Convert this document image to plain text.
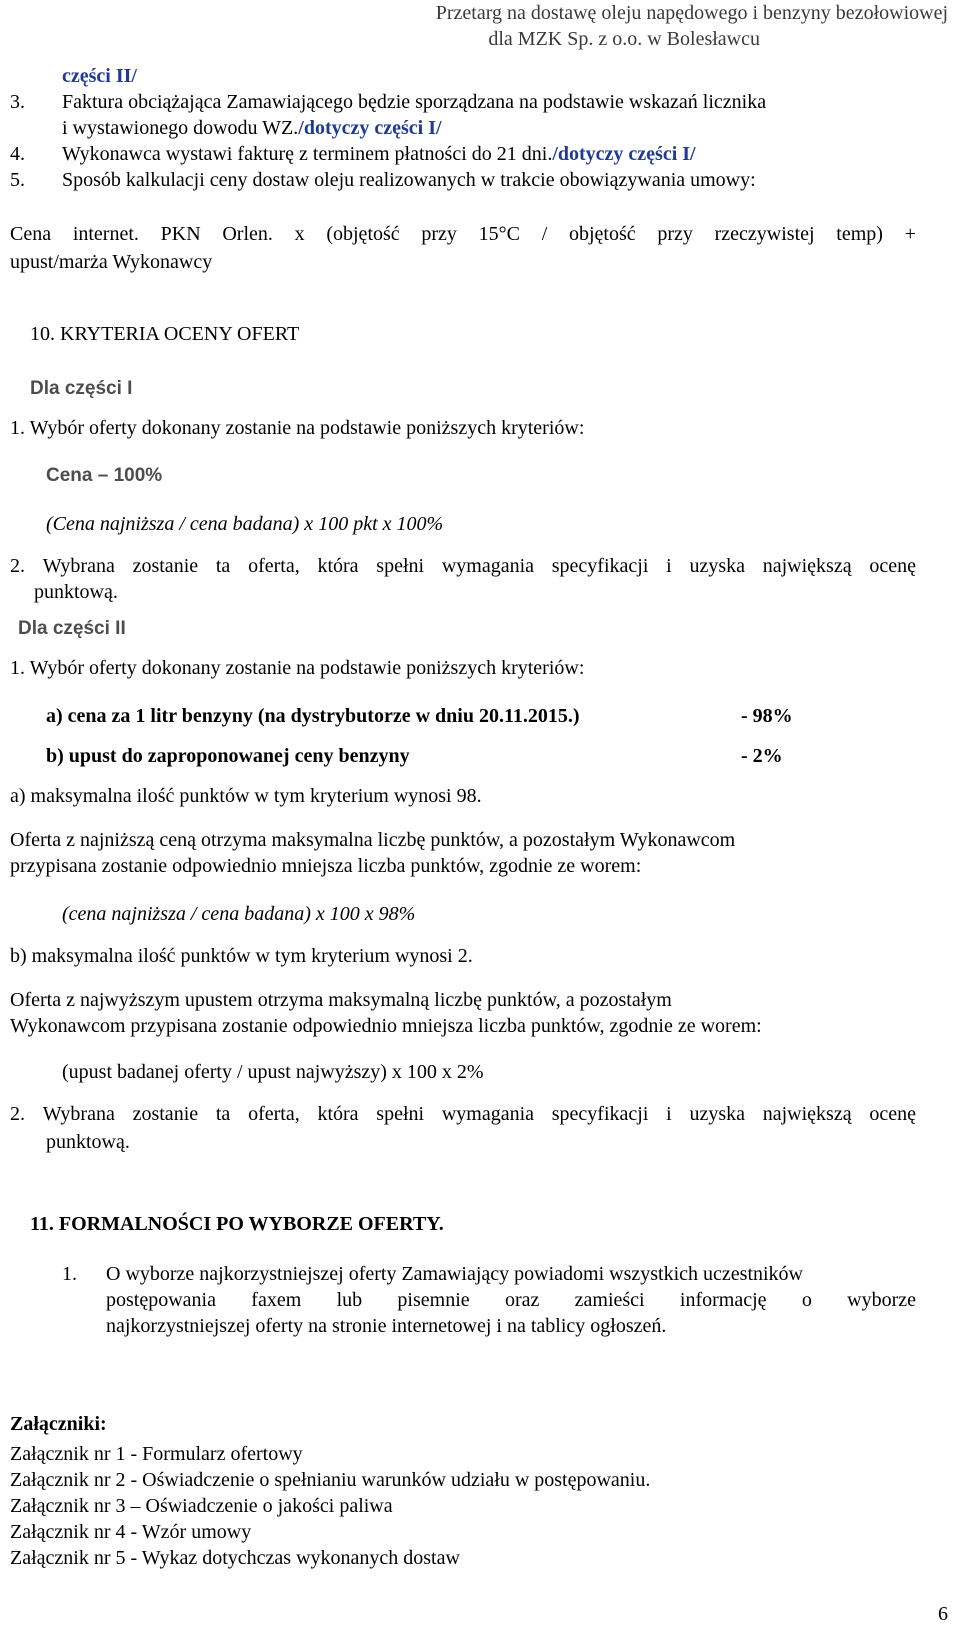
Przetarg na dostawę oleju napędowego i benzyny bezołowiowej
dla MZK Sp. z o.o. w Bolesławcu
części II/
3. Faktura obciążająca Zamawiającego będzie sporządzana na podstawie wskazań licznika
i wystawionego dowodu WZ./dotyczy części I/
4. Wykonawca wystawi fakturę z terminem płatności do 21 dni./dotyczy części I/
5. Sposób kalkulacji ceny dostaw oleju realizowanych w trakcie obowiązywania umowy:
Cena internet. PKN Orlen. x (objętość przy 15°C / objętość przy rzeczywistej temp) +
upust/marża Wykonawcy
10. KRYTERIA OCENY OFERT
Dla części I
1. Wybór oferty dokonany zostanie na podstawie poniższych kryteriów:
Cena – 100%
(Cena najniższa / cena badana) x 100 pkt x 100%
2. Wybrana zostanie ta oferta, która spełni wymagania specyfikacji i uzyska największą ocenę
punktową.
Dla części II
1. Wybór oferty dokonany zostanie na podstawie poniższych kryteriów:
a) cena za 1 litr benzyny (na dystrybutorze w dniu 20.11.2015.)	- 98%
b) upust do zaproponowanej ceny benzyny	- 2%
a) maksymalna ilość punktów w tym kryterium wynosi 98.
Oferta z najniższą ceną otrzyma maksymalna liczbę punktów, a pozostałym Wykonawcom
przypisana zostanie odpowiednio mniejsza liczba punktów, zgodnie ze worem:
(cena najniższa / cena badana) x 100 x 98%
b) maksymalna ilość punktów w tym kryterium wynosi 2.
Oferta z najwyższym upustem otrzyma maksymalną liczbę punktów, a pozostałym
Wykonawcom przypisana zostanie odpowiednio mniejsza liczba punktów, zgodnie ze worem:
(upust badanej oferty / upust najwyższy) x 100 x 2%
2. Wybrana zostanie ta oferta, która spełni wymagania specyfikacji i uzyska największą ocenę
punktową.
11. FORMALNOŚCI PO WYBORZE OFERTY.
1. O wyborze najkorzystniejszej oferty Zamawiający powiadomi wszystkich uczestników
postępowania faxem lub pisemnie oraz zamieści informację o wyborze
najkorzystniejszej oferty na stronie internetowej i na tablicy ogłoszeń.
Załączniki:
Załącznik nr 1 - Formularz ofertowy
Załącznik nr 2 - Oświadczenie o spełnianiu warunków udziału w postępowaniu.
Załącznik nr 3 – Oświadczenie o jakości paliwa
Załącznik nr 4 - Wzór umowy
Załącznik nr 5 - Wykaz dotychczas wykonanych dostaw
6
